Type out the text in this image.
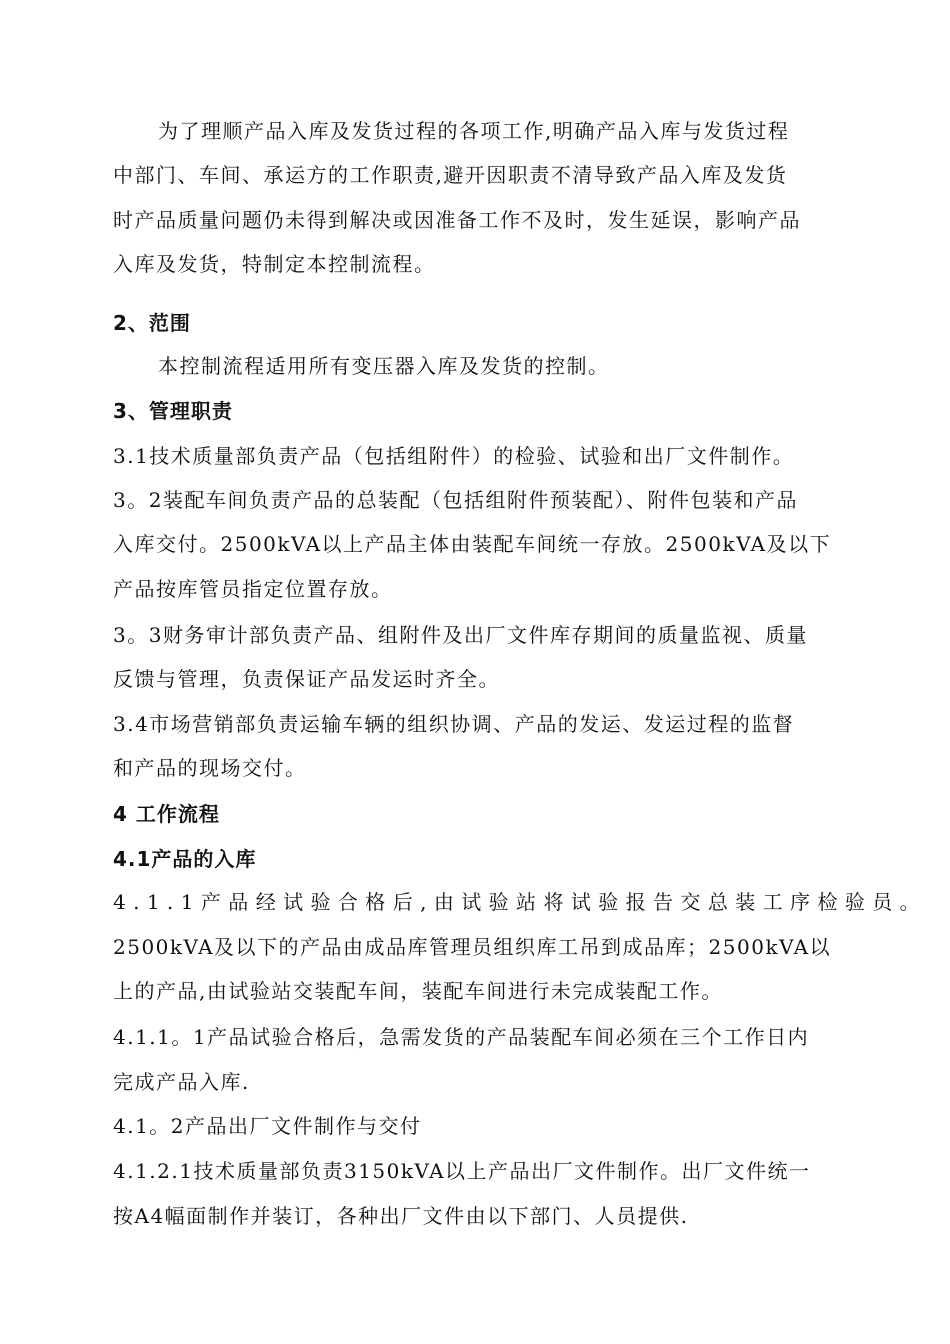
为了理顺产品入库及发货过程的各项工作,明确产品入库与发货过程
中部门、车间、承运方的工作职责,避开因职责不清导致产品入库及发货
时产品质量问题仍未得到解决或因准备工作不及时，发生延误，影响产品
入库及发货，特制定本控制流程。
2、范围
本控制流程适用所有变压器入库及发货的控制。
3、管理职责
3.1技术质量部负责产品（包括组附件）的检验、试验和出厂文件制作。
3。2装配车间负责产品的总装配（包括组附件预装配）、附件包装和产品
入库交付。2500kVA以上产品主体由装配车间统一存放。2500kVA及以下
产品按库管员指定位置存放。
3。3财务审计部负责产品、组附件及出厂文件库存期间的质量监视、质量
反馈与管理，负责保证产品发运时齐全。
3.4市场营销部负责运输车辆的组织协调、产品的发运、发运过程的监督
和产品的现场交付。
4 工作流程
4.1产品的入库
4.1.1产品经试验合格后,由试验站将试验报告交总装工序检验员。
2500kVA及以下的产品由成品库管理员组织库工吊到成品库；2500kVA以
上的产品,由试验站交装配车间，装配车间进行未完成装配工作。
4.1.1。1产品试验合格后，急需发货的产品装配车间必须在三个工作日内
完成产品入库.
4.1。2产品出厂文件制作与交付
4.1.2.1技术质量部负责3150kVA以上产品出厂文件制作。出厂文件统一
按A4幅面制作并装订，各种出厂文件由以下部门、人员提供.
